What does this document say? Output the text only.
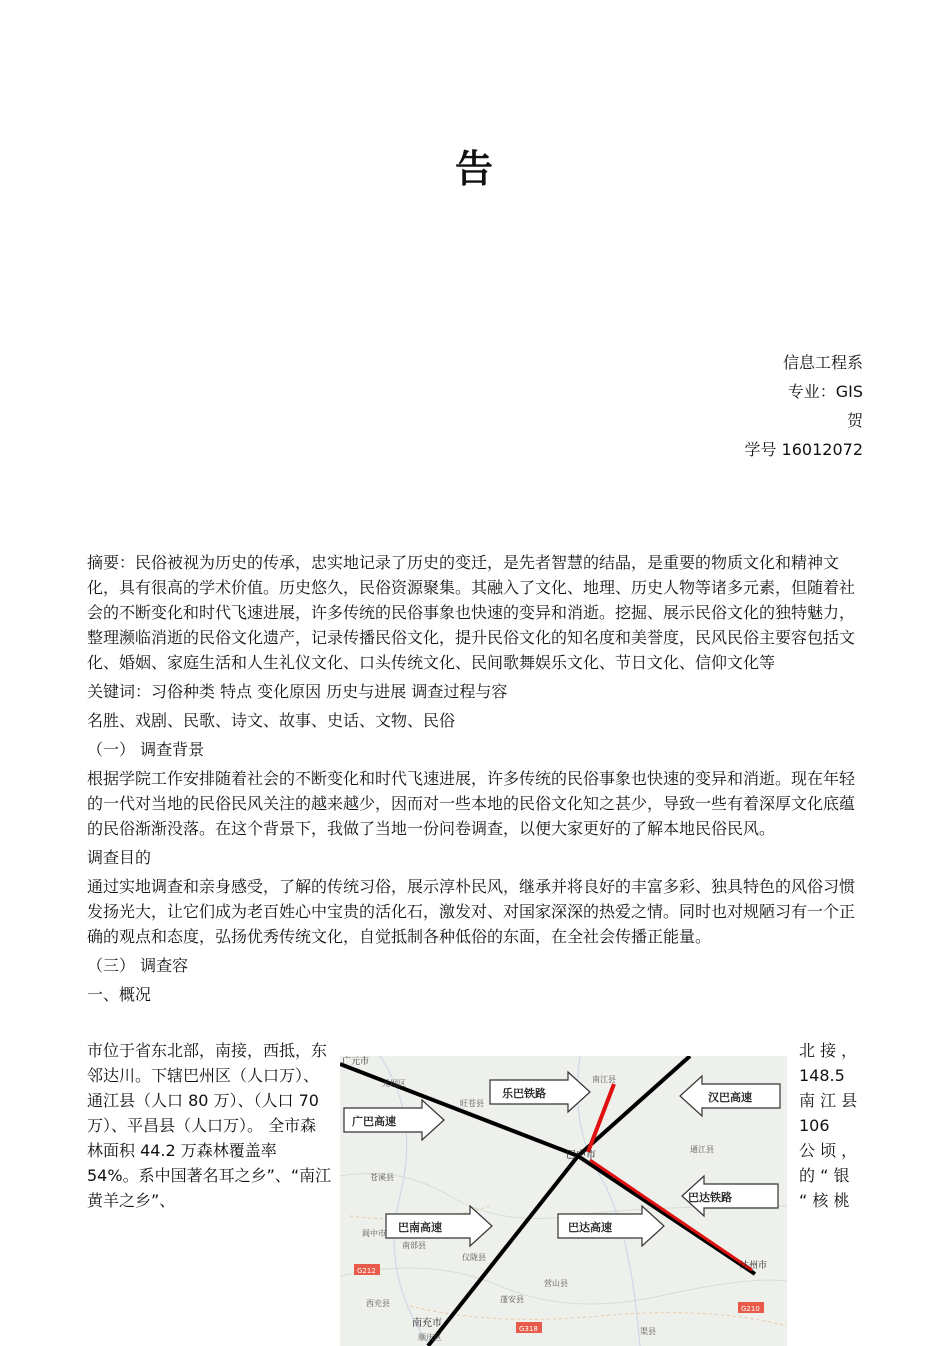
告
信息工程系
专业：GIS
贺
学号 16012072

摘要：民俗被视为历史的传承，忠实地记录了历史的变迁，是先者智慧的结晶，是重要的物质文化和精神文化，具有很高的学术价值。历史悠久，民俗资源聚集。其融入了文化、地理、历史人物等诸多元素，但随着社会的不断变化和时代飞速进展，许多传统的民俗事象也快速的变异和消逝。挖掘、展示民俗文化的独特魅力，整理濒临消逝的民俗文化遗产，记录传播民俗文化，提升民俗文化的知名度和美誉度，民风民俗主要容包括文化、婚姻、家庭生活和人生礼仪文化、口头传统文化、民间歌舞娱乐文化、节日文化、信仰文化等

关键词：习俗种类 特点 变化原因 历史与进展 调查过程与容

名胜、戏剧、民歌、诗文、故事、史话、文物、民俗

（一） 调查背景

根据学院工作安排随着社会的不断变化和时代飞速进展，许多传统的民俗事象也快速的变异和消逝。现在年轻的一代对当地的民俗民风关注的越来越少，因而对一些本地的民俗文化知之甚少，导致一些有着深厚文化底蕴的民俗渐渐没落。在这个背景下，我做了当地一份问卷调查，以便大家更好的了解本地民俗民风。

调查目的

通过实地调查和亲身感受，了解的传统习俗，展示淳朴民风，继承并将良好的丰富多彩、独具特色的风俗习惯发扬光大，让它们成为老百姓心中宝贵的活化石，激发对、对国家深深的热爱之情。同时也对规陋习有一个正确的观点和态度，弘扬优秀传统文化，自觉抵制各种低俗的东面，在全社会传播正能量。

（三） 调查容

一、概况

市位于省东北部，南接，西抵，东邻达川。下辖巴州区（人口万）、通江县（人口 80 万）、（人口 70 万）、平昌县（人口万）。 全市森林面积 44.2 万森林覆盖率 54%。系中国著名耳之乡”、“南江黄羊之乡”、
北 接 ，
148.5
南 江 县
106
公 顷 ，
的 “ 银
“ 核 桃
广元市
元坝区
旺苍县
南江县
通江县
巴中市
苍溪县
阆中市
南部县
仪陇县
营山县
蓬安县
西充县
南充市
顺庆区
达州市
渠县
G212
G318
G210
乐巴铁路
广巴高速
汉巴高速
巴达铁路
巴南高速	巴达高速
